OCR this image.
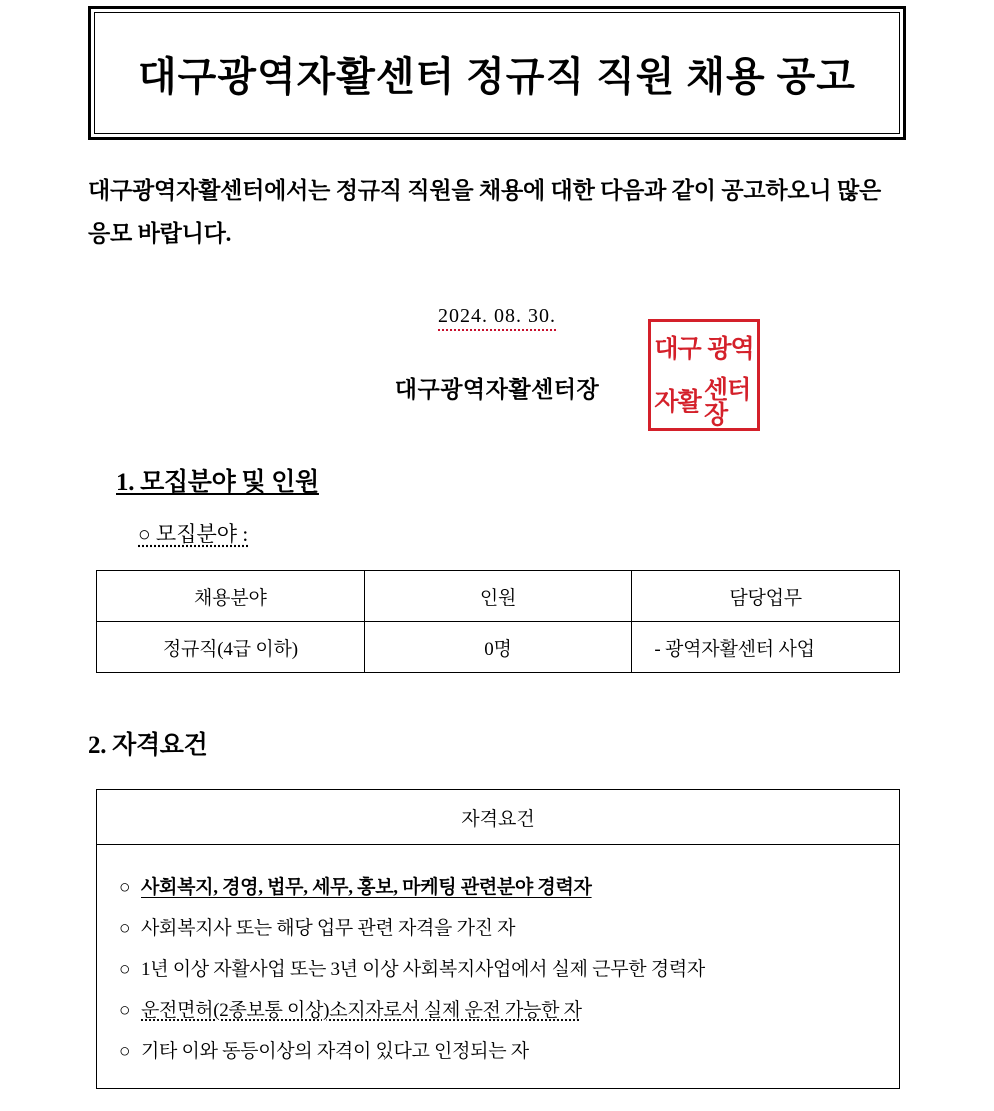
대구광역자활센터 정규직 직원 채용 공고
대구광역자활센터에서는 정규직 직원을 채용에 대한 다음과 같이 공고하오니 많은 응모 바랍니다.
2024. 08. 30.
대구광역자활센터장
대구 광역
자활 센터장
1. 모집분야 및 인원
○ 모집분야 :
채용분야	인원	담당업무
정규직(4급 이하)	0명	- 광역자활센터 사업
2. 자격요건
자격요건

○ 사회복지, 경영, 법무, 세무, 홍보, 마케팅 관련분야 경력자
○ 사회복지사 또는 해당 업무 관련 자격을 가진 자
○ 1년 이상 자활사업 또는 3년 이상 사회복지사업에서 실제 근무한 경력자
○ 운전면허(2종보통 이상)소지자로서 실제 운전 가능한 자
○ 기타 이와 동등이상의 자격이 있다고 인정되는 자
